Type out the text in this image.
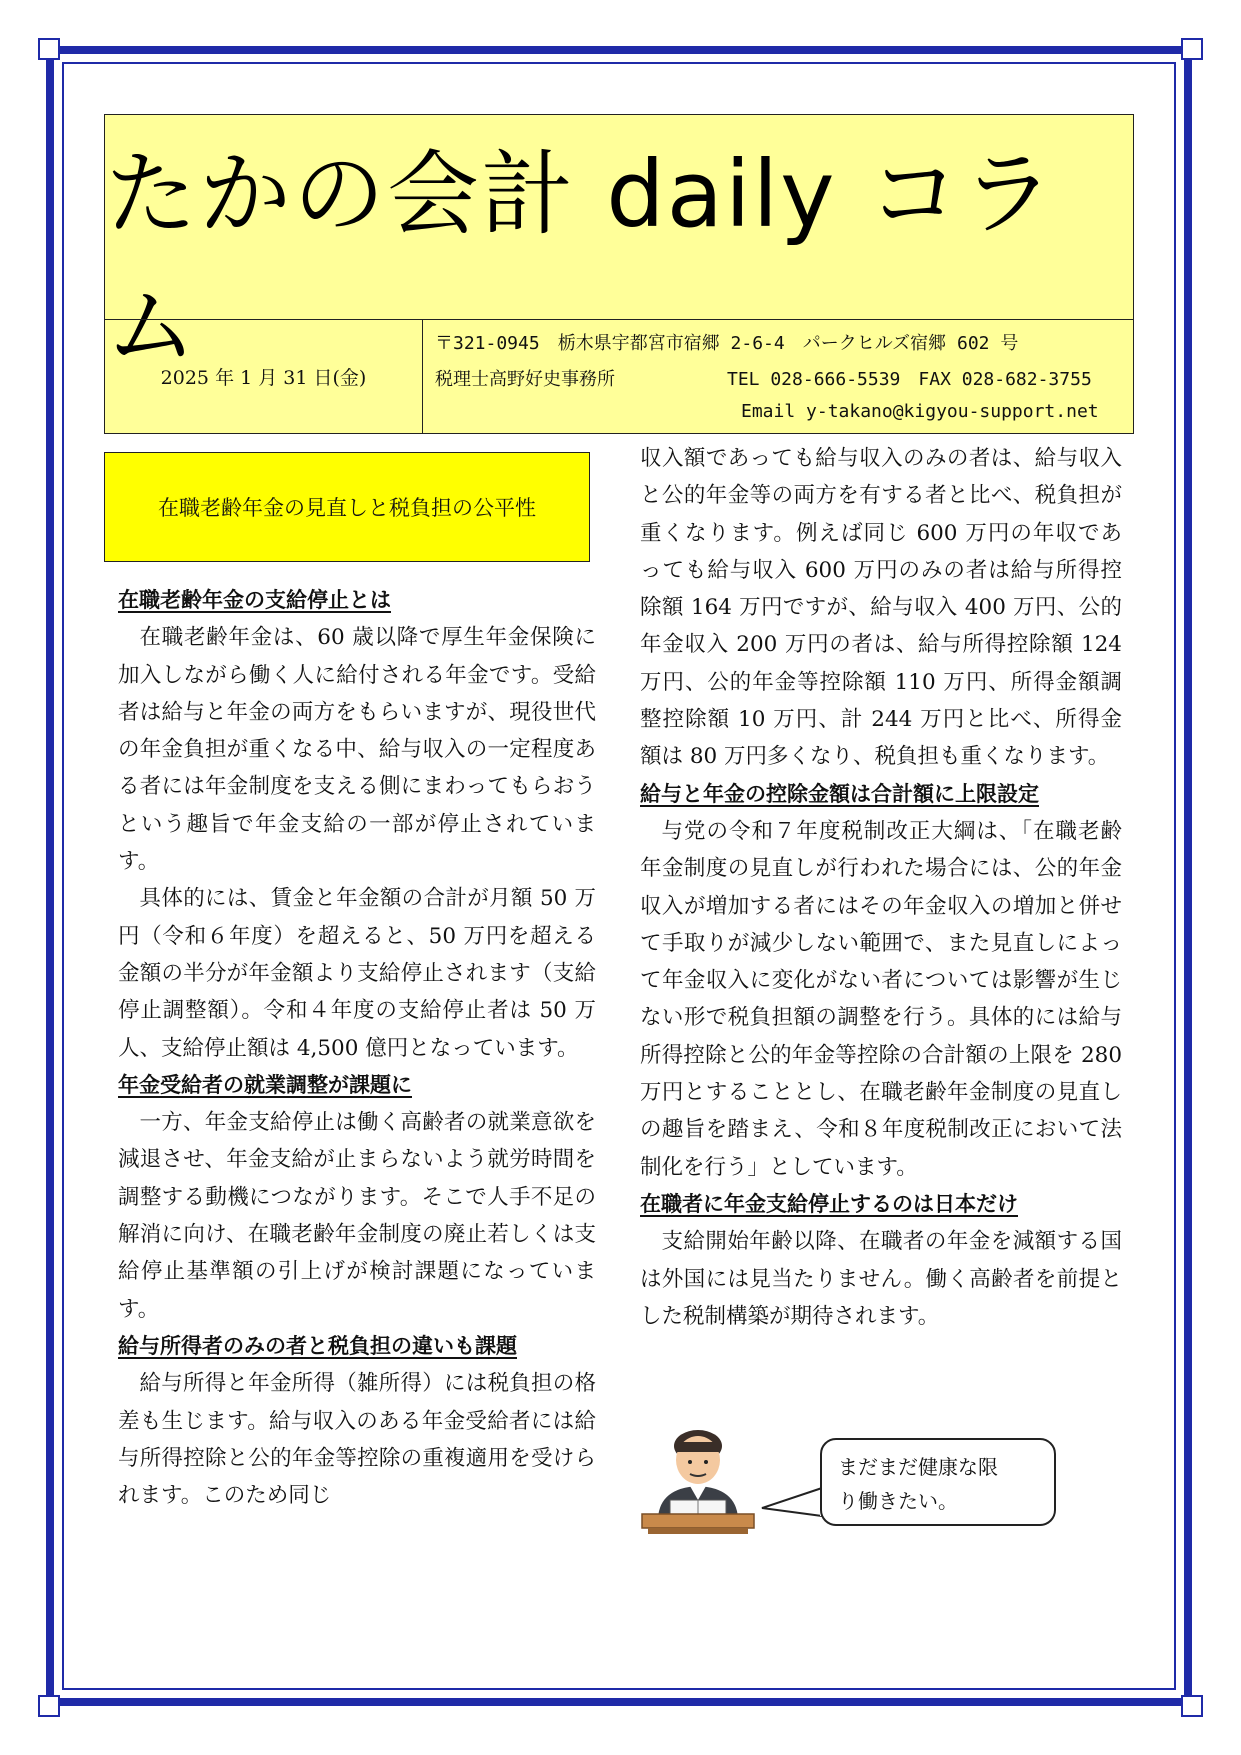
たかの会計 daily コラム
2025 年 1 月 31 日(金)
〒321-0945　栃木県宇都宮市宿郷 2-6-4　パークヒルズ宿郷 602 号
税理士高野好史事務所	TEL 028-666-5539　FAX 028-682-3755
Email y-takano@kigyou-support.net
在職老齢年金の見直しと税負担の公平性

在職老齢年金の支給停止とは

在職老齢年金は、60 歳以降で厚生年金保険に加入しながら働く人に給付される年金です。受給者は給与と年金の両方をもらいますが、現役世代の年金負担が重くなる中、給与収入の一定程度ある者には年金制度を支える側にまわってもらおうという趣旨で年金支給の一部が停止されています。

具体的には、賃金と年金額の合計が月額 50 万円（令和６年度）を超えると、50 万円を超える金額の半分が年金額より支給停止されます（支給停止調整額）。令和４年度の支給停止者は 50 万人、支給停止額は 4,500 億円となっています。

年金受給者の就業調整が課題に

一方、年金支給停止は働く高齢者の就業意欲を減退させ、年金支給が止まらないよう就労時間を調整する動機につながります。そこで人手不足の解消に向け、在職老齢年金制度の廃止若しくは支給停止基準額の引上げが検討課題になっています。

給与所得者のみの者と税負担の違いも課題

給与所得と年金所得（雑所得）には税負担の格差も生じます。給与収入のある年金受給者には給与所得控除と公的年金等控除の重複適用を受けられます。このため同じ

収入額であっても給与収入のみの者は、給与収入と公的年金等の両方を有する者と比べ、税負担が重くなります。例えば同じ 600 万円の年収であっても給与収入 600 万円のみの者は給与所得控除額 164 万円ですが、給与収入 400 万円、公的年金収入 200 万円の者は、給与所得控除額 124 万円、公的年金等控除額 110 万円、所得金額調整控除額 10 万円、計 244 万円と比べ、所得金額は 80 万円多くなり、税負担も重くなります。

給与と年金の控除金額は合計額に上限設定

与党の令和７年度税制改正大綱は、「在職老齢年金制度の見直しが行われた場合には、公的年金収入が増加する者にはその年金収入の増加と併せて手取りが減少しない範囲で、また見直しによって年金収入に変化がない者については影響が生じない形で税負担額の調整を行う。具体的には給与所得控除と公的年金等控除の合計額の上限を 280 万円とすることとし、在職老齢年金制度の見直しの趣旨を踏まえ、令和８年度税制改正において法制化を行う」としています。

在職者に年金支給停止するのは日本だけ

支給開始年齢以降、在職者の年金を減額する国は外国には見当たりません。働く高齢者を前提とした税制構築が期待されます。

まだまだ健康な限
り働きたい。
